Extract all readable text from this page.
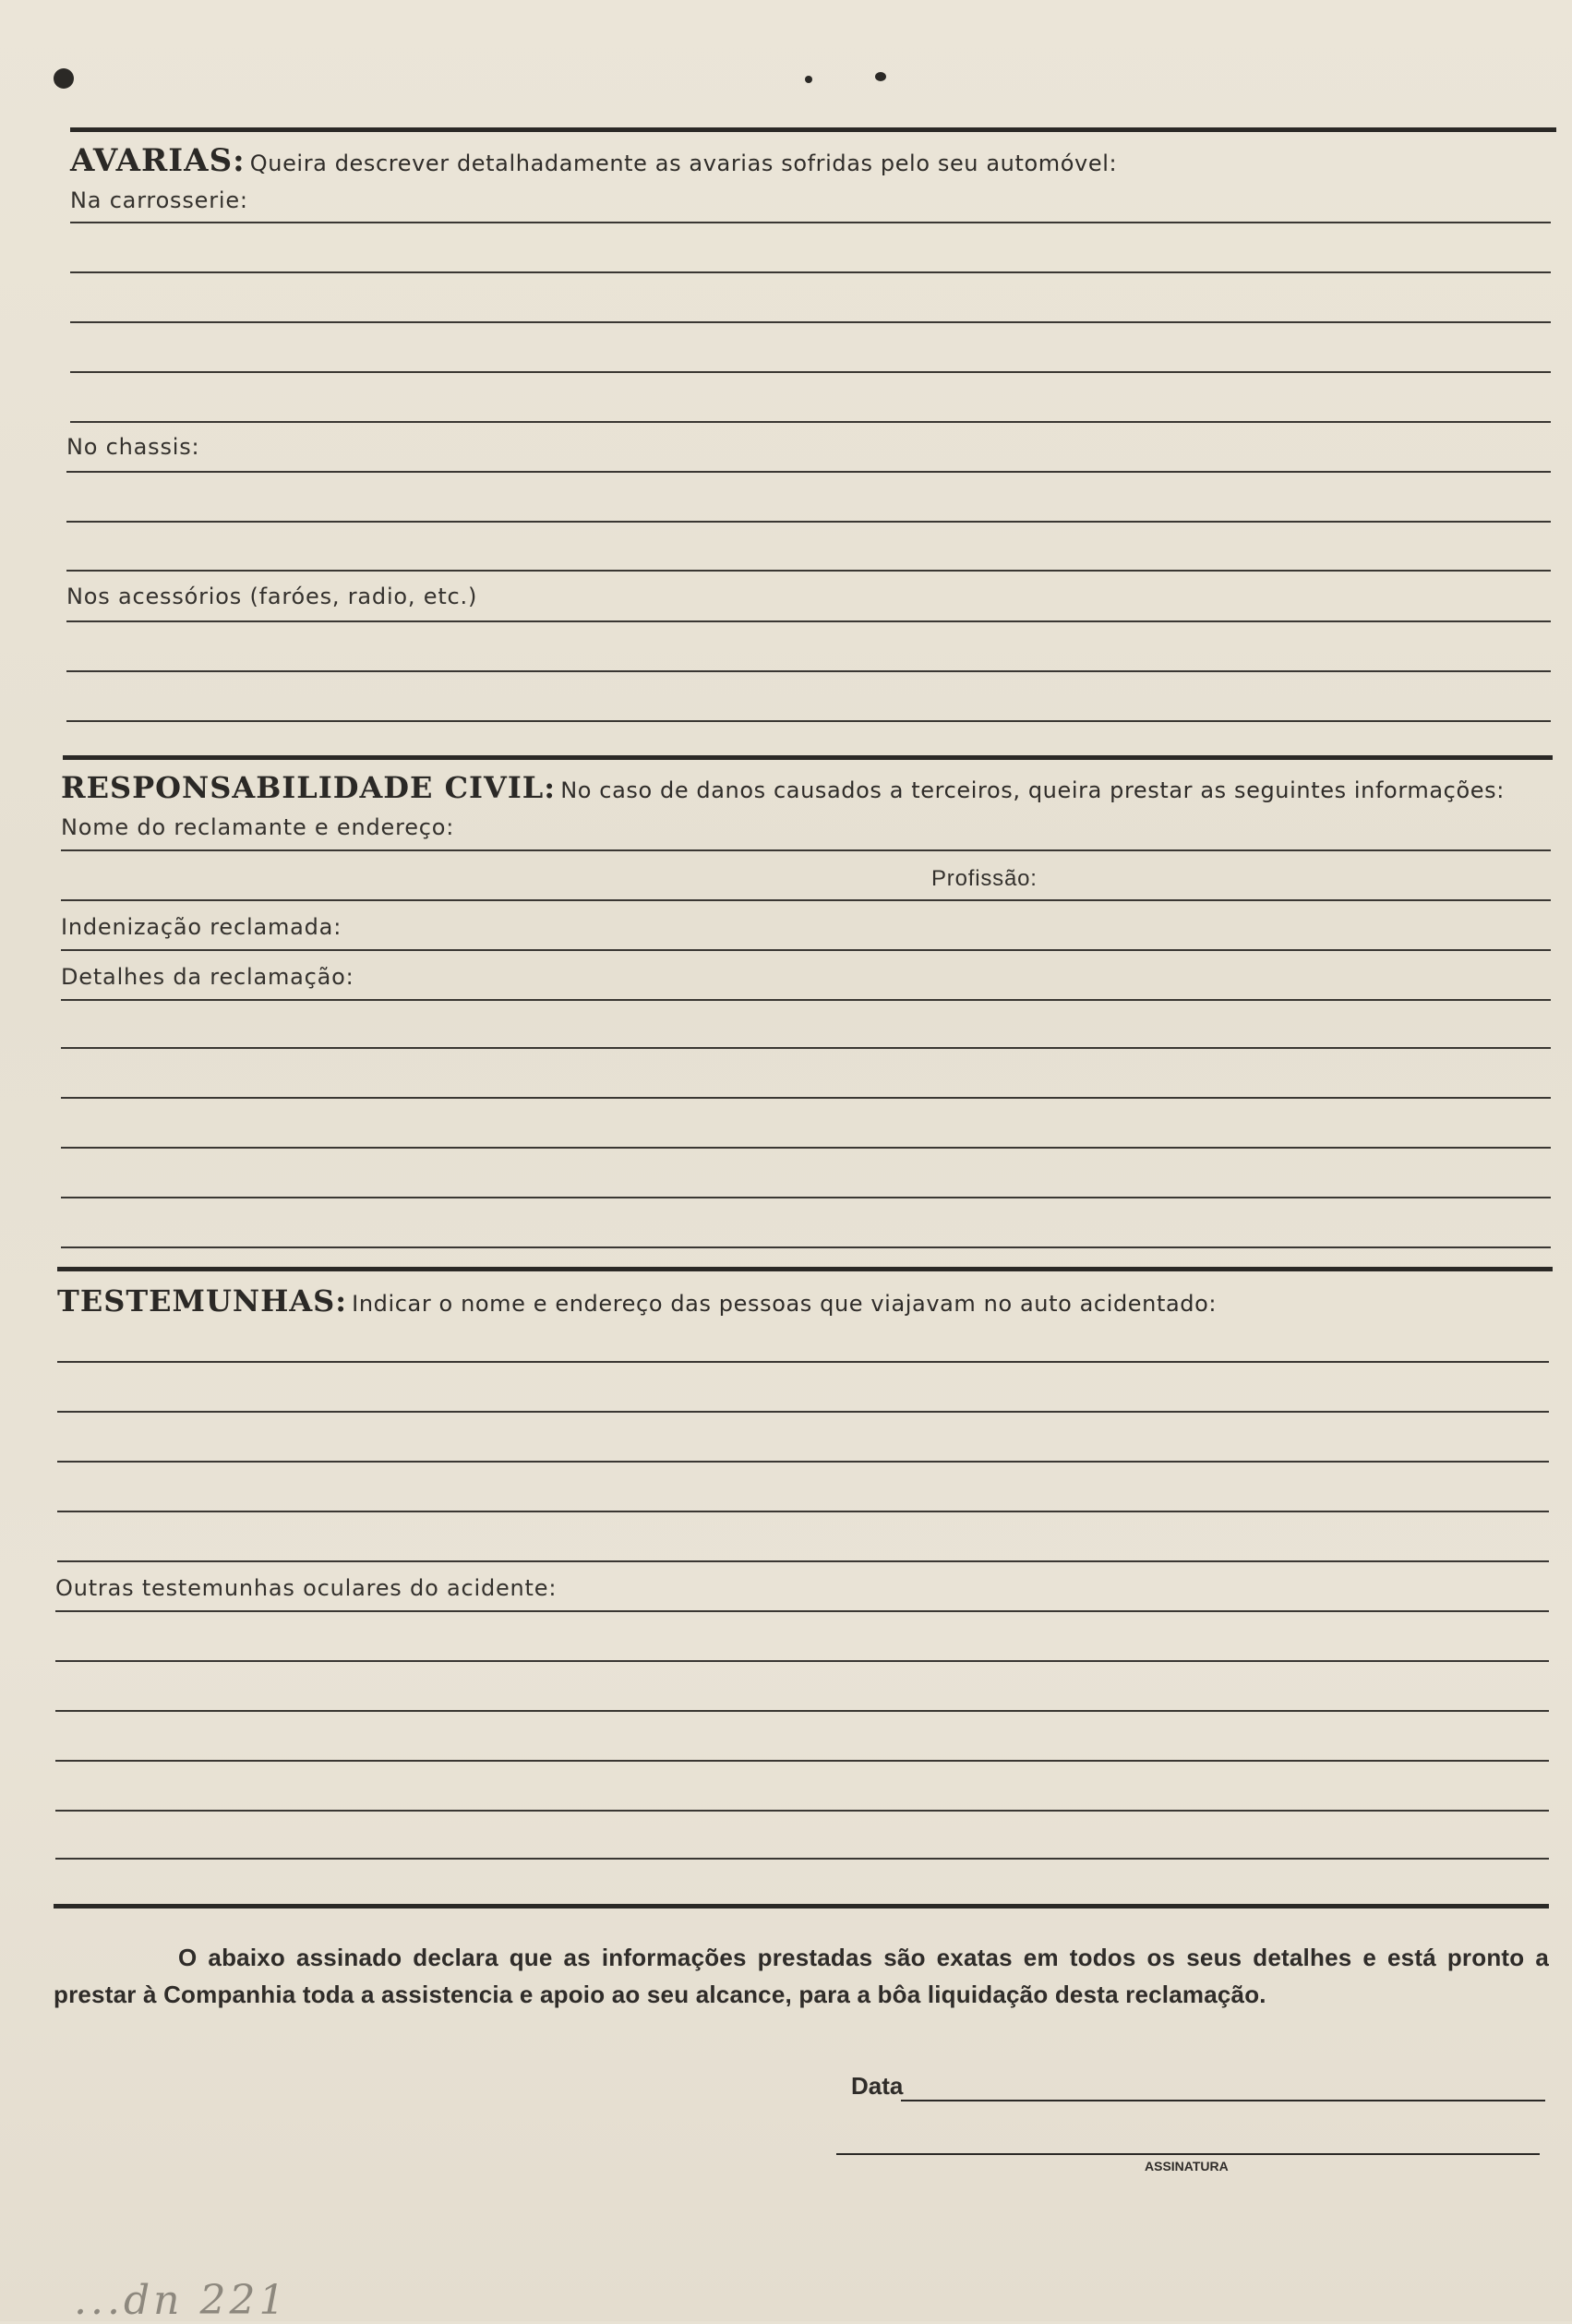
AVARIAS: Queira descrever detalhadamente as avarias sofridas pelo seu automóvel:
Na carrosserie:
No chassis:
Nos acessórios (faróes, radio, etc.)
RESPONSABILIDADE CIVIL: No caso de danos causados a terceiros, queira prestar as seguintes informações:
Nome do reclamante e endereço:
Profissão:
Indenização reclamada:
Detalhes da reclamação:
TESTEMUNHAS: Indicar o nome e endereço das pessoas que viajavam no auto acidentado:
Outras testemunhas oculares do acidente:
O abaixo assinado declara que as informações prestadas são exatas em todos os seus detalhes e está pronto a prestar à Companhia toda a assistencia e apoio ao seu alcance, para a bôa liquidação desta reclamação.
Data
ASSINATURA
...dn 221
